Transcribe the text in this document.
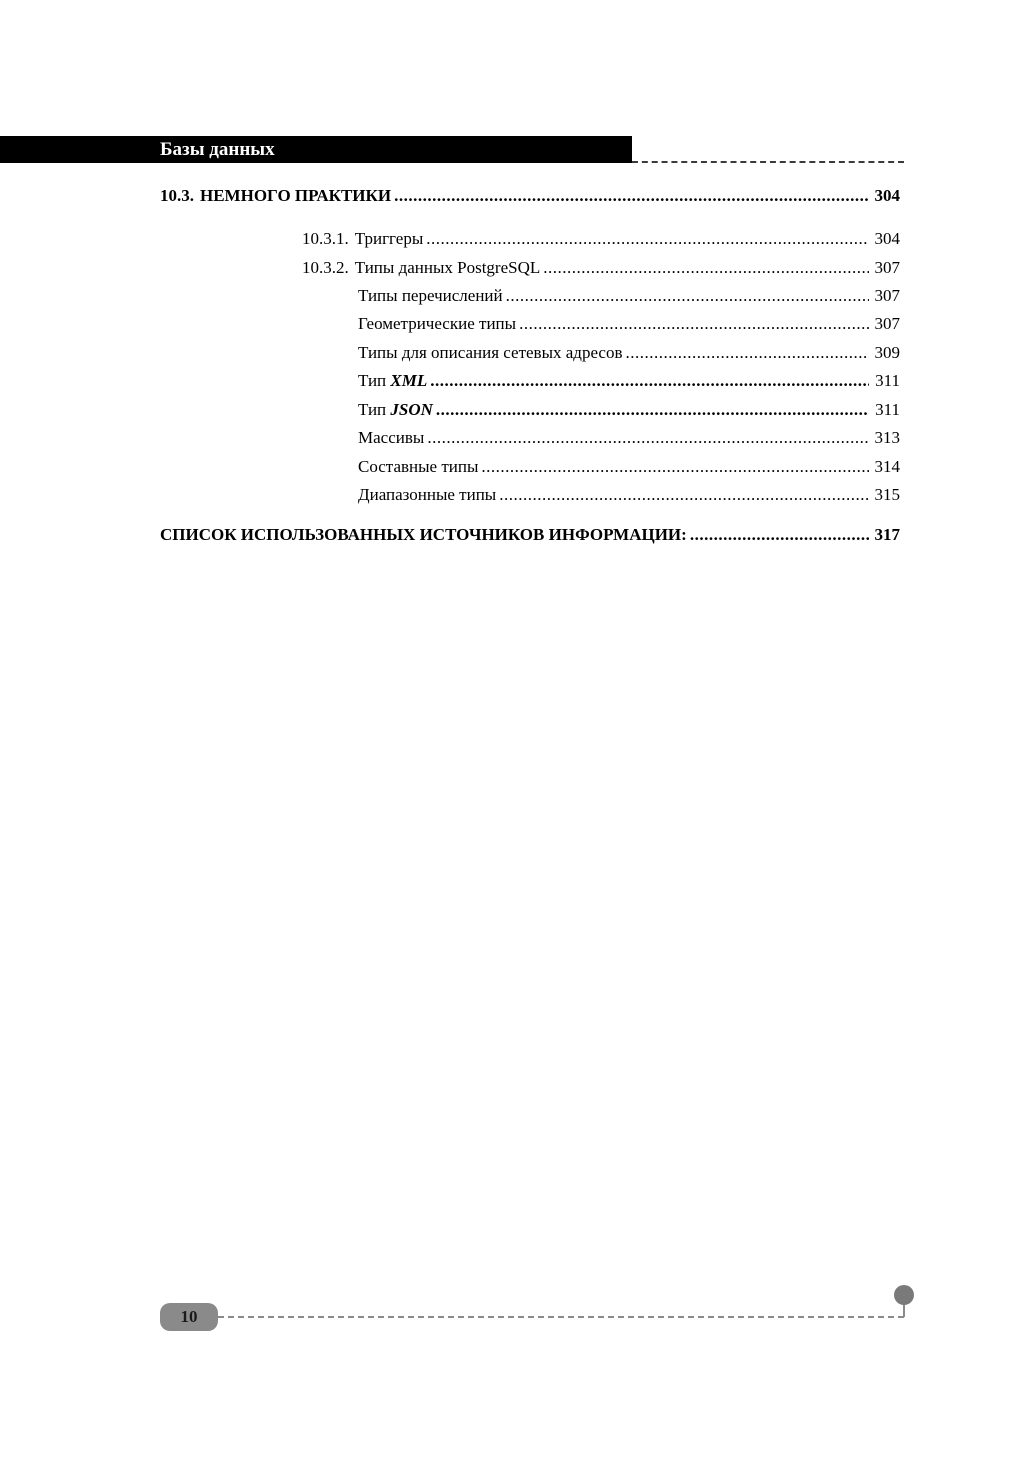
Базы данных
10.3. НЕМНОГО ПРАКТИКИ .....	304
10.3.1. Триггеры .....	304
10.3.2. Типы данных PostgreSQL .....	307
Типы перечислений .....	307
Геометрические типы .....	307
Типы для описания сетевых адресов .....	309
Тип XML .....	311
Тип JSON .....	311
Массивы .....	313
Составные типы .....	314
Диапазонные типы .....	315
СПИСОК ИСПОЛЬЗОВАННЫХ ИСТОЧНИКОВ ИНФОРМАЦИИ: .....	317
10
